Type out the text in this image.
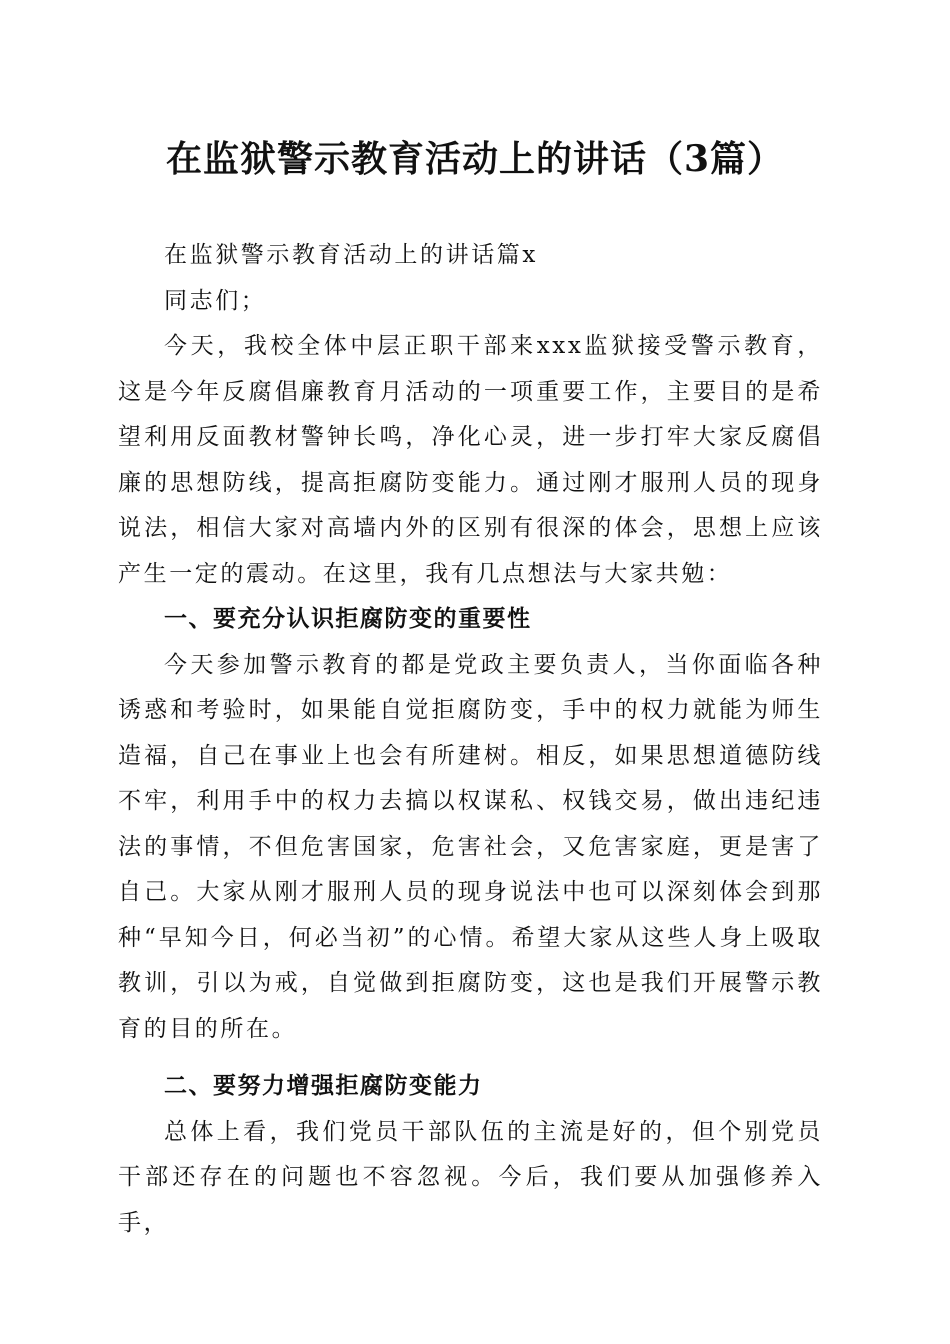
在监狱警示教育活动上的讲话（3篇）

在监狱警示教育活动上的讲话篇x

同志们；

今天，我校全体中层正职干部来xxx监狱接受警示教育，这是今年反腐倡廉教育月活动的一项重要工作，主要目的是希望利用反面教材警钟长鸣，净化心灵，进一步打牢大家反腐倡廉的思想防线，提高拒腐防变能力。通过刚才服刑人员的现身说法，相信大家对高墙内外的区别有很深的体会，思想上应该产生一定的震动。在这里，我有几点想法与大家共勉：

一、要充分认识拒腐防变的重要性

今天参加警示教育的都是党政主要负责人，当你面临各种诱惑和考验时，如果能自觉拒腐防变，手中的权力就能为师生造福，自己在事业上也会有所建树。相反，如果思想道德防线不牢，利用手中的权力去搞以权谋私、权钱交易，做出违纪违法的事情，不但危害国家，危害社会，又危害家庭，更是害了自己。大家从刚才服刑人员的现身说法中也可以深刻体会到那种“早知今日，何必当初”的心情。希望大家从这些人身上吸取教训，引以为戒，自觉做到拒腐防变，这也是我们开展警示教育的目的所在。

二、要努力增强拒腐防变能力

总体上看，我们党员干部队伍的主流是好的，但个别党员干部还存在的问题也不容忽视。今后，我们要从加强修养入手，
